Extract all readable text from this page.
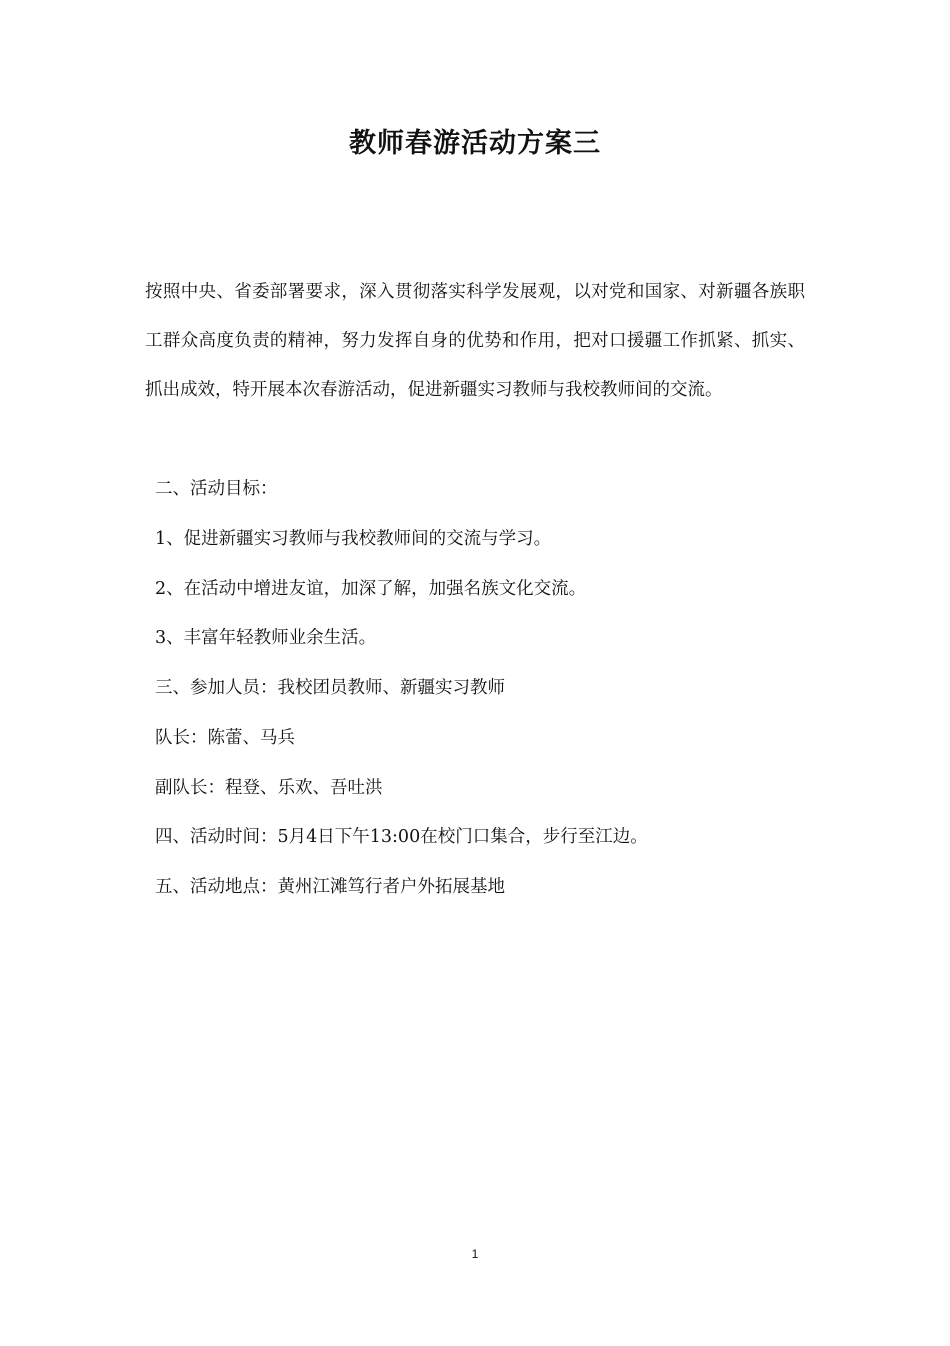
教师春游活动方案三

按照中央、省委部署要求，深入贯彻落实科学发展观，以对党和国家、对新疆各族职工群众高度负责的精神，努力发挥自身的优势和作用，把对口援疆工作抓紧、抓实、抓出成效，特开展本次春游活动，促进新疆实习教师与我校教师间的交流。

二、活动目标：

1、促进新疆实习教师与我校教师间的交流与学习。

2、在活动中增进友谊，加深了解，加强名族文化交流。

3、丰富年轻教师业余生活。

三、参加人员：我校团员教师、新疆实习教师

队长：陈蕾、马兵

副队长：程登、乐欢、吾吐洪

四、活动时间：5月4日下午13:00在校门口集合，步行至江边。

五、活动地点：黄州江滩笃行者户外拓展基地

1
